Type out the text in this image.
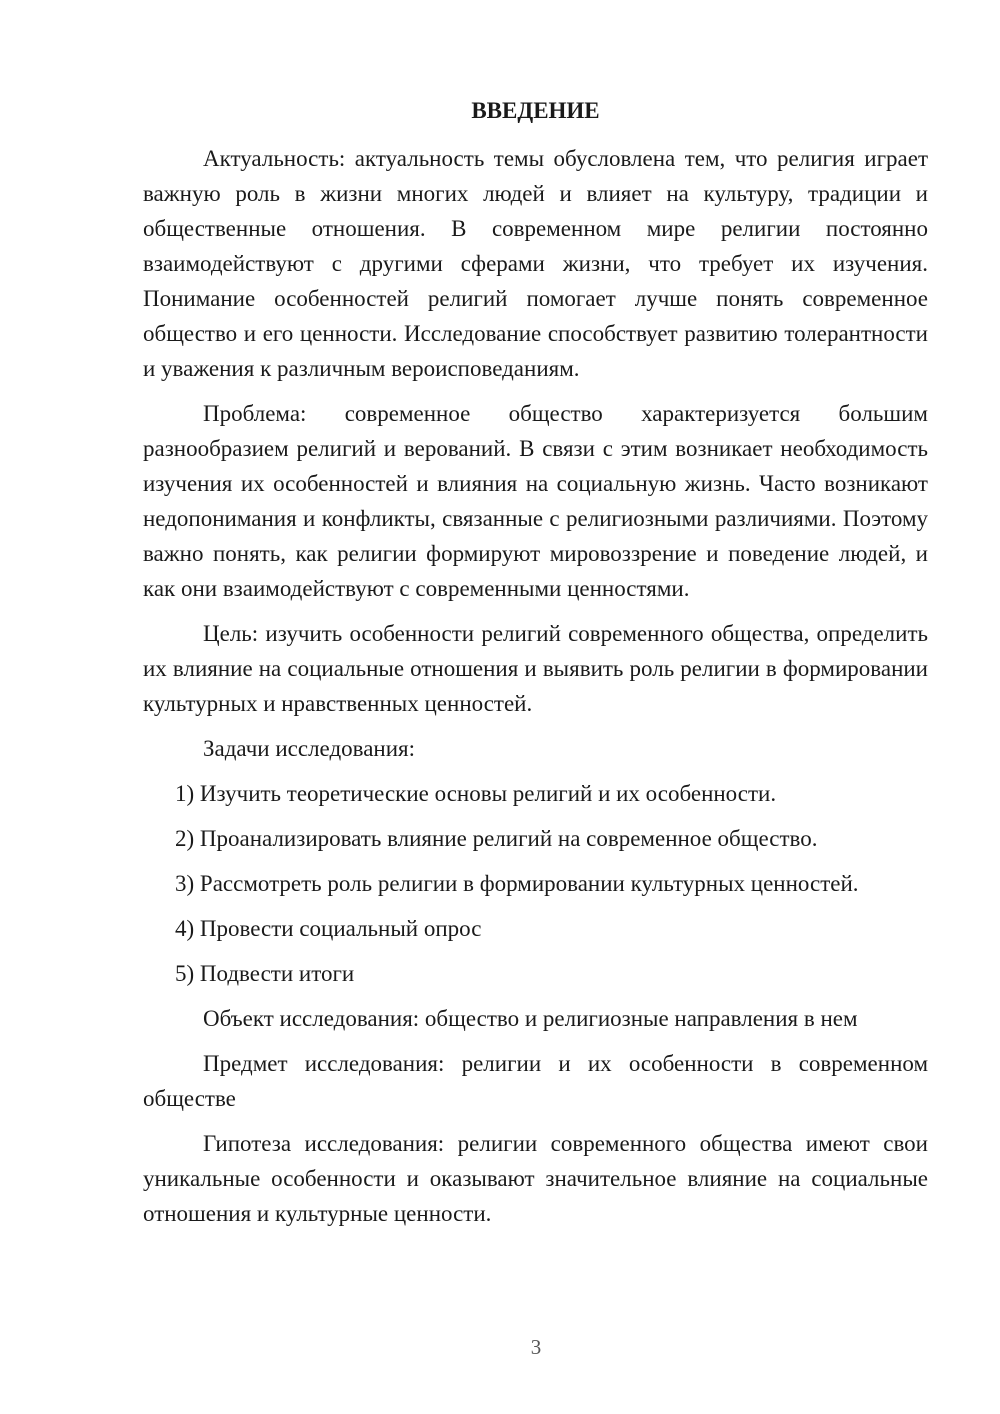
ВВЕДЕНИЕ

Актуальность: актуальность темы обусловлена тем, что религия играет важную роль в жизни многих людей и влияет на культуру, традиции и общественные отношения. В современном мире религии постоянно взаимодействуют с другими сферами жизни, что требует их изучения. Понимание особенностей религий помогает лучше понять современное общество и его ценности. Исследование способствует развитию толерантности и уважения к различным вероисповеданиям.

Проблема: современное общество характеризуется большим разнообразием религий и верований. В связи с этим возникает необходимость изучения их особенностей и влияния на социальную жизнь. Часто возникают недопонимания и конфликты, связанные с религиозными различиями. Поэтому важно понять, как религии формируют мировоззрение и поведение людей, и как они взаимодействуют с современными ценностями.

Цель: изучить особенности религий современного общества, определить их влияние на социальные отношения и выявить роль религии в формировании культурных и нравственных ценностей.

Задачи исследования:

1) Изучить теоретические основы религий и их особенности.
2) Проанализировать влияние религий на современное общество.
3) Рассмотреть роль религии в формировании культурных ценностей.
4) Провести социальный опрос
5) Подвести итоги

Объект исследования: общество и религиозные направления в нем

Предмет исследования: религии и их особенности в современном обществе

Гипотеза исследования: религии современного общества имеют свои уникальные особенности и оказывают значительное влияние на социальные отношения и культурные ценности.

3
